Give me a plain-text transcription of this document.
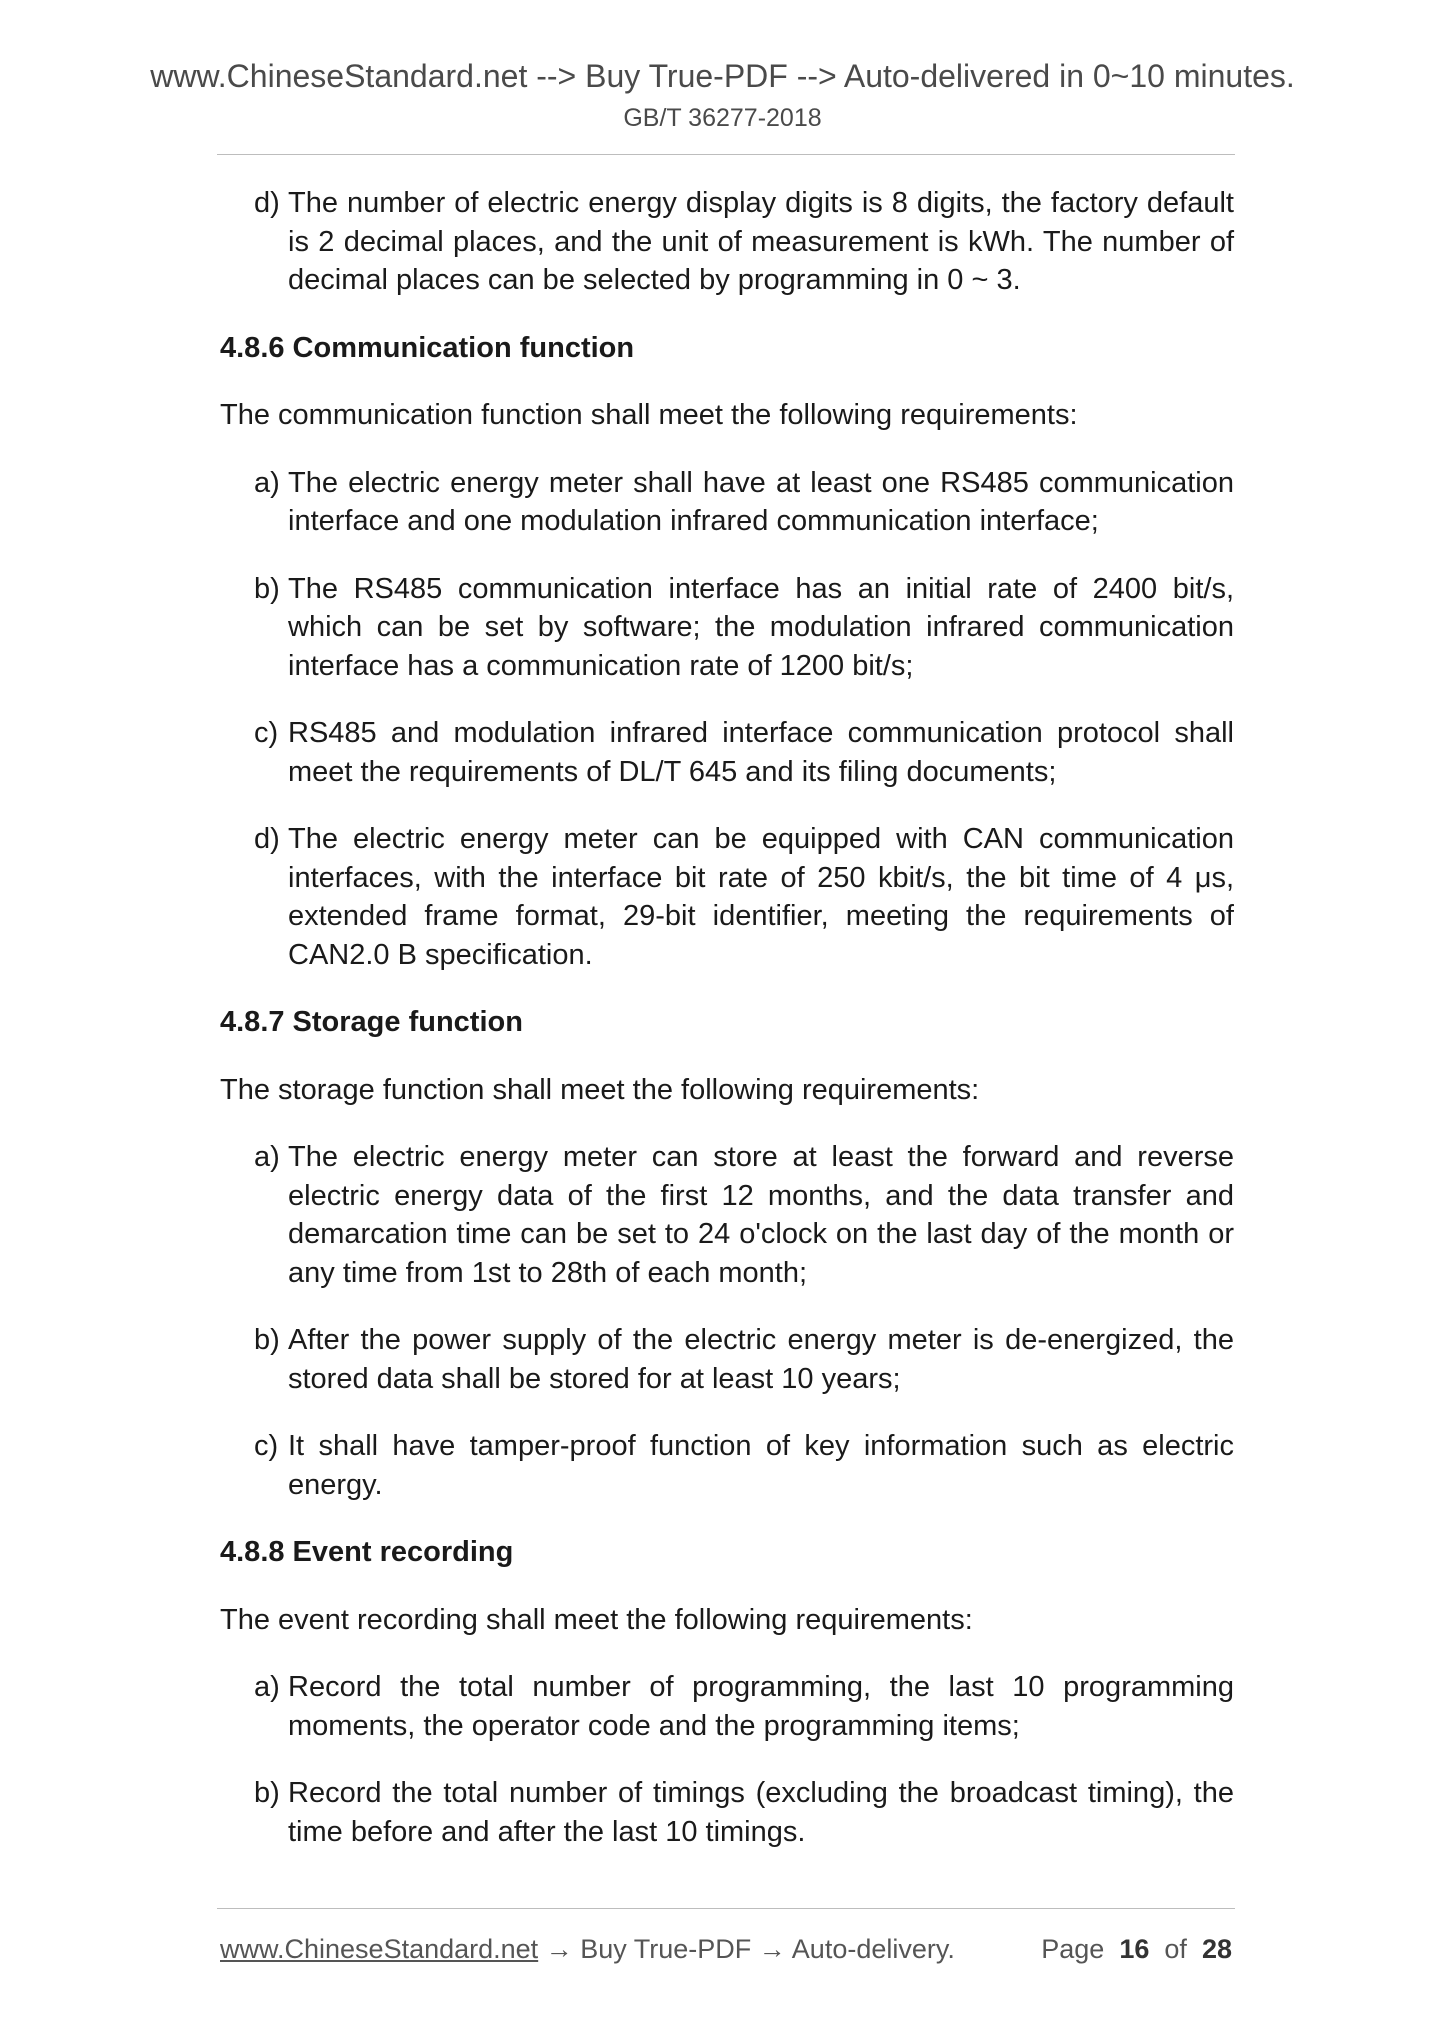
www.ChineseStandard.net --> Buy True-PDF --> Auto-delivered in 0~10 minutes.
GB/T 36277-2018
d) The number of electric energy display digits is 8 digits, the factory default is 2 decimal places, and the unit of measurement is kWh. The number of decimal places can be selected by programming in 0 ~ 3.
4.8.6 Communication function
The communication function shall meet the following requirements:
a) The electric energy meter shall have at least one RS485 communication interface and one modulation infrared communication interface;
b) The RS485 communication interface has an initial rate of 2400 bit/s, which can be set by software; the modulation infrared communication interface has a communication rate of 1200 bit/s;
c) RS485 and modulation infrared interface communication protocol shall meet the requirements of DL/T 645 and its filing documents;
d) The electric energy meter can be equipped with CAN communication interfaces, with the interface bit rate of 250 kbit/s, the bit time of 4 μs, extended frame format, 29-bit identifier, meeting the requirements of CAN2.0 B specification.
4.8.7 Storage function
The storage function shall meet the following requirements:
a) The electric energy meter can store at least the forward and reverse electric energy data of the first 12 months, and the data transfer and demarcation time can be set to 24 o'clock on the last day of the month or any time from 1st to 28th of each month;
b) After the power supply of the electric energy meter is de-energized, the stored data shall be stored for at least 10 years;
c) It shall have tamper-proof function of key information such as electric energy.
4.8.8 Event recording
The event recording shall meet the following requirements:
a) Record the total number of programming, the last 10 programming moments, the operator code and the programming items;
b) Record the total number of timings (excluding the broadcast timing), the time before and after the last 10 timings.
www.ChineseStandard.net → Buy True-PDF → Auto-delivery.	Page 16 of 28
